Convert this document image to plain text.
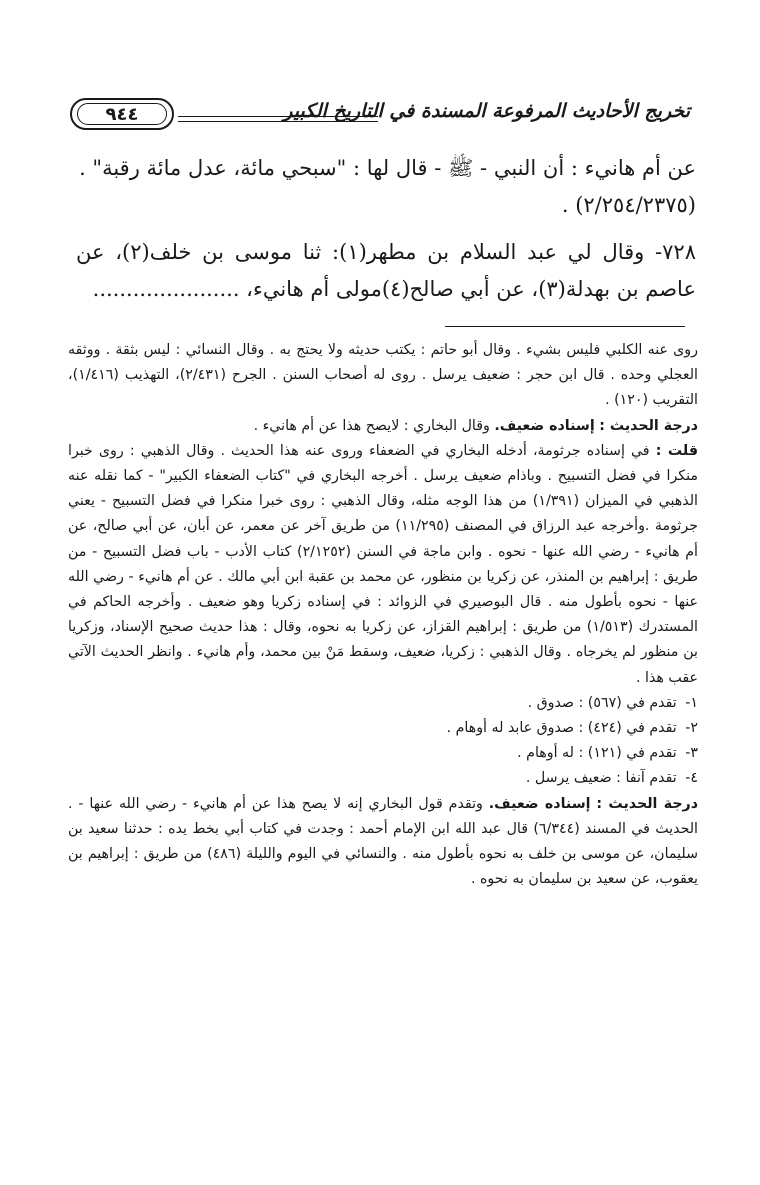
تخريج الأحاديث المرفوعة المسندة في التاريخ الكبير
٩٤٤

عن أم هانيء : أن النبي - ﷺ - قال لها : "سبحي مائة، عدل مائة رقبة" .

(٢/٢٥٤/٢٣٧٥) .

٧٢٨- وقال لي عبد السلام بن مطهر(١): ثنا موسى بن خلف(٢)، عن عاصم بن بهدلة(٣)، عن أبي صالح(٤)مولى أم هانيء، ......................

روى عنه الكلبي فليس بشيء . وقال أبو حاتم : يكتب حديثه ولا يحتج به . وقال النسائي : ليس بثقة . ووثقه العجلي وحده . قال ابن حجر : ضعيف يرسل . روى له أصحاب السنن . الجرح (٢/٤٣١)، التهذيب (١/٤١٦)، التقريب (١٢٠) .

درجة الحديث : إسناده ضعيف. وقال البخاري : لايصح هذا عن أم هانيء .

قلت : في إسناده جرثومة، أدخله البخاري في الضعفاء وروى عنه هذا الحديث . وقال الذهبي : روى خبرا منكرا في فضل التسبيح . وباذام ضعيف يرسل . أخرجه البخاري في "كتاب الضعفاء الكبير" - كما نقله عنه الذهبي في الميزان (١/٣٩١) من هذا الوجه مثله، وقال الذهبي : روى خبرا منكرا في فضل التسبيح - يعني جرثومة .وأخرجه عبد الرزاق في المصنف (١١/٢٩٥) من طريق آخر عن معمر، عن أبان، عن أبي صالح، عن أم هانيء - رضي الله عنها - نحوه . وابن ماجة في السنن (٢/١٢٥٢) كتاب الأدب - باب فضل التسبيح - من طريق : إبراهيم بن المنذر، عن زكريا بن منظور، عن محمد بن عقبة ابن أبي مالك . عن أم هانيء - رضي الله عنها - نحوه بأطول منه . قال البوصيري في الزوائد : في إسناده زكريا وهو ضعيف . وأخرجه الحاكم في المستدرك (١/٥١٣) من طريق : إبراهيم القزاز، عن زكريا به نحوه، وقال : هذا حديث صحيح الإسناد، وزكريا بن منظور لم يخرجاه . وقال الذهبي : زكريا، ضعيف، وسقط مَنْ بين محمد، وأم هانيء . وانظر الحديث الآتي عقب هذا .

١- تقدم في (٥٦٧) : صدوق .
٢- تقدم في (٤٢٤) : صدوق عابد له أوهام .
٣- تقدم في (١٢١) : له أوهام .
٤- تقدم آنفا : ضعيف يرسل .

درجة الحديث : إسناده ضعيف. وتقدم قول البخاري إنه لا يصح هذا عن أم هانيء - رضي الله عنها - . الحديث في المسند (٦/٣٤٤) قال عبد الله ابن الإمام أحمد : وجدت في كتاب أبي بخط يده : حدثنا سعيد بن سليمان، عن موسى بن خلف به نحوه بأطول منه . والنسائي في اليوم والليلة (٤٨٦) من طريق : إبراهيم بن يعقوب، عن سعيد بن سليمان به نحوه .
